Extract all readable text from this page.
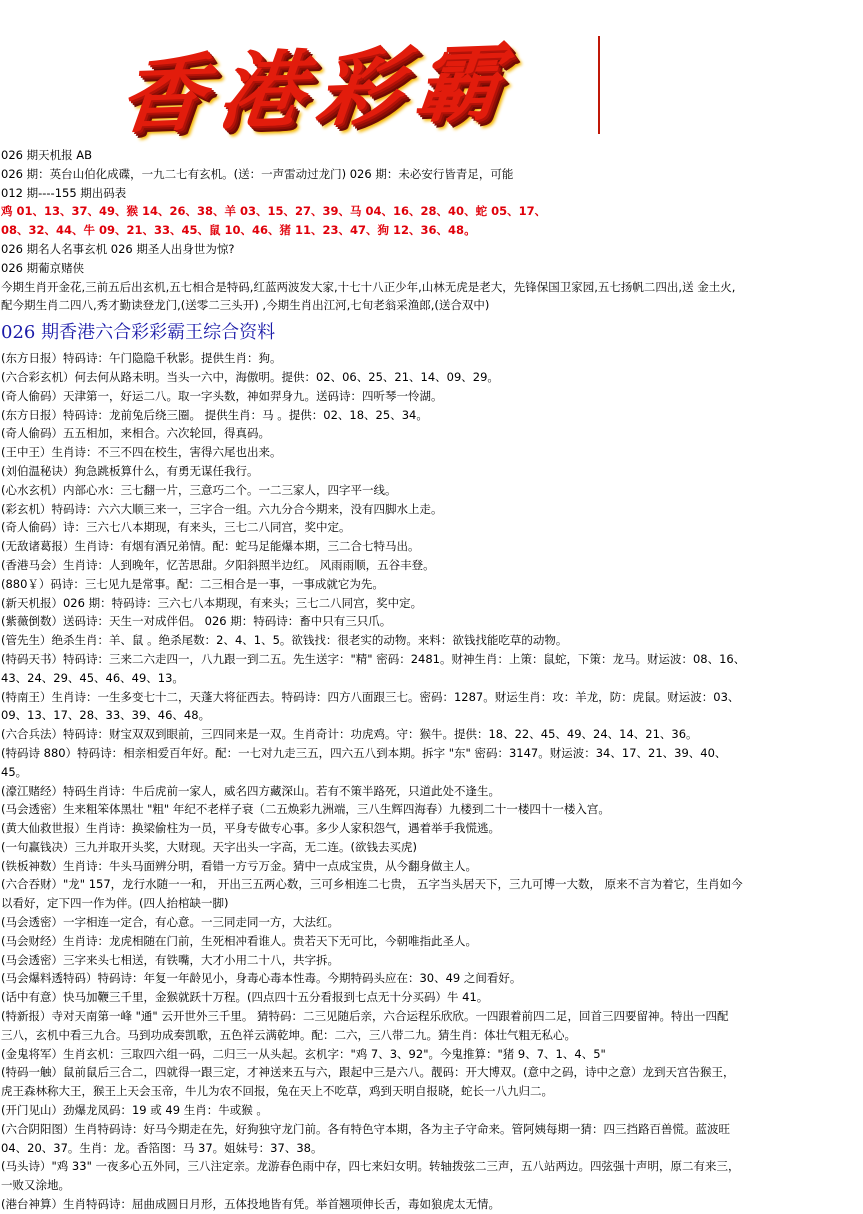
香港彩霸
026 期天机报 AB
026 期：英台山伯化成碟，一九二七有玄机。(送：一声雷动过龙门) 026 期：未必安行皆青足，可能
012 期----155 期出码表
鸡 01、13、37、49、猴 14、26、38、羊 03、15、27、39、马 04、16、28、40、蛇 05、17、
08、32、44、牛 09、21、33、45、鼠 10、46、猪 11、23、47、狗 12、36、48。
026 期名人名事玄机 026 期圣人出身世为惊?
026 期葡京赌侠
今期生肖开金花,三前五后出玄机,五七相合是特码,红蓝两波发大家,十七十八正少年,山林无虎是老大，先锋保国卫家园,五七扬帆二四出,送 金土火,
配今期生肖二四八,秀才勤读登龙门,(送零二三头开) ,今期生肖出江河,七旬老翁采渔郎,(送合双中)
026 期香港六合彩彩霸王综合资料
(东方日报）特码诗：午门隐隐千秋影。提供生肖：狗。
(六合彩玄机）何去何从路未明。当头一六中，海傲明。提供：02、06、25、21、14、09、29。
(奇人偷码）天津第一，好运二八。取一字头数，神如羿身九。送码诗：四听琴一怜湖。
(东方日报）特码诗：龙前兔后绕三圈。 提供生肖：马 。提供：02、18、25、34。
(奇人偷码）五五相加，来相合。六次轮回，得真码。
(王中王）生肖诗：不三不四在校生，害得六尾也出来。
(刘伯温秘诀）狗急跳板算什么，有勇无谋任我行。
(心水玄机）内部心水：三七翻一片，三意巧二个。一二三家人，四字平一线。
(彩玄机）特码诗：六六大顺三来一，三字合一组。六九分合今期来，没有四脚水上走。
(奇人偷码）诗：三六七八本期现，有来头，三七二八同宫，奖中定。
(无敌诸葛报）生肖诗：有烟有酒兄弟情。配：蛇马足能爆本期，三二合七特马出。
(香港马会）生肖诗：人到晚年，忆苦思甜。夕阳斜照半边红。 风雨雨顺，五谷丰登。
(880￥）码诗：三七见九是常事。配：二三相合是一事，一事成就它为先。
(新天机报）026 期：特码诗：三六七八本期现，有来头；三七二八同宫，奖中定。
(紫薇倒数）送码诗：天生一对成伴侣。 026 期：特码诗：畜中只有三只爪。
(管先生）绝杀生肖：羊、鼠 。绝杀尾数：2、4、1、5。欲钱找：很老实的动物。来料：欲钱找能吃草的动物。
(特码天书）特码诗：三来二六走四一，八九跟一到二五。先生送字："精" 密码：2481。财神生肖：上策：鼠蛇，下策：龙马。财运波：08、16、
43、24、29、45、46、49、13。
(特南王）生肖诗：一生多变七十二，天蓬大将征西去。特码诗：四方八面跟三七。密码：1287。财运生肖：攻：羊龙，防：虎鼠。财运波：03、
09、13、17、28、33、39、46、48。
(六合兵法）特码诗：财宝双双到眼前，三四同来是一双。生肖奇计：功虎鸡。守：猴牛。提供：18、22、45、49、24、14、21、36。
(特码诗 880）特码诗：相亲相爱百年好。配：一七对九走三五，四六五八到本期。拆字 "东" 密码：3147。财运波：34、17、21、39、40、
45。
(濠江赌经）特码生肖诗：牛后虎前一家人，威名四方藏深山。若有不策半路死，只道此处不逢生。
(马会透密）生来粗笨体黑壮 "粗" 年纪不老样子衰（二五焕彩九洲端，三八生辉四海春）九楼到二十一楼四十一楼入宫。
(黄大仙救世报）生肖诗：换梁偷柱为一员，平身专做专心事。多少人家积怨气，遇着举手我慌逃。
(一句赢钱决）三九并取开头奖，大财现。天字出头一字高，无二连。(欲钱去买虎)
(铁板神数）生肖诗：牛头马面辨分明，看错一方亏万金。猜中一点成宝贵，从今翻身做主人。
(六合吞财）"龙" 157，龙行水随一一和， 开出三五两心数，三可乡相连二七贵， 五字当头居天下，三九可博一大数， 原来不言为着它，生肖如今
以看好，定下四一作为伴。(四人抬棺缺一脚)
(马会透密）一字相连一定合，有心意。一三同走同一方，大法红。
(马会财经）生肖诗：龙虎相随在门前，生死相冲看谁人。贵若天下无可比，今朝唯指此圣人。
(马会透密）三字来头七相送，有铁嘴，大才小用二十八，共字拆。
(马会爆料透特码）特码诗：年复一年龄见小，身毒心毒本性毒。今期特码头应在：30、49 之间看好。
(话中有意）快马加鞭三千里，金猴就跃十万程。(四点四十五分看报到七点无十分买码）牛 41。
(特新报）寺对天南第一峰 "通" 云开世外三千里。 猜特码：二三见随后亲，六合运程乐欣欣。一四跟着前四二足，回首三四要留神。特出一四配
三八，玄机中看三九合。马到功成奏凯歌，五色祥云满乾坤。配：二六，三八带二九。猜生肖：体壮气粗无私心。
(金鬼将军）生肖玄机：三取四六组一码，二归三一从头起。玄机字："鸡 7、3、92"。今鬼推算："猪 9、7、1、4、5"
(特码一触）鼠前鼠后三合二，四就得一跟三定，才神送来五与六，跟起中三是六八。靓码：开大博双。(意中之码，诗中之意）龙到天宫告猴王，
虎王森林称大王，猴王上天会玉帝，牛儿为农不回报，兔在天上不吃草，鸡到天明自报晓，蛇长一八九归二。
(开门见山）劲爆龙凤码：19 或 49 生肖：牛或猴 。
(六合阴阳图）生肖特码诗：好马今期走在先，好狗独守龙门前。各有特色守本期，各为主子守命来。管阿姨每期一猜：四三挡路百兽慌。蓝波旺
04、20、37。生肖：龙。香箔图：马 37。姐妹号：37、38。
(马头诗）"鸡 33" 一夜多心五外同，三八注定亲。龙游春色雨中存，四七来妇女明。转轴拨弦二三声，五八站两边。四弦强十声明，原二有来三，
一败又涂地。
(港台神算）生肖特码诗：屈曲成圆日月形，五体投地皆有凭。举首翘项伸长舌，毒如狼虎太无情。
